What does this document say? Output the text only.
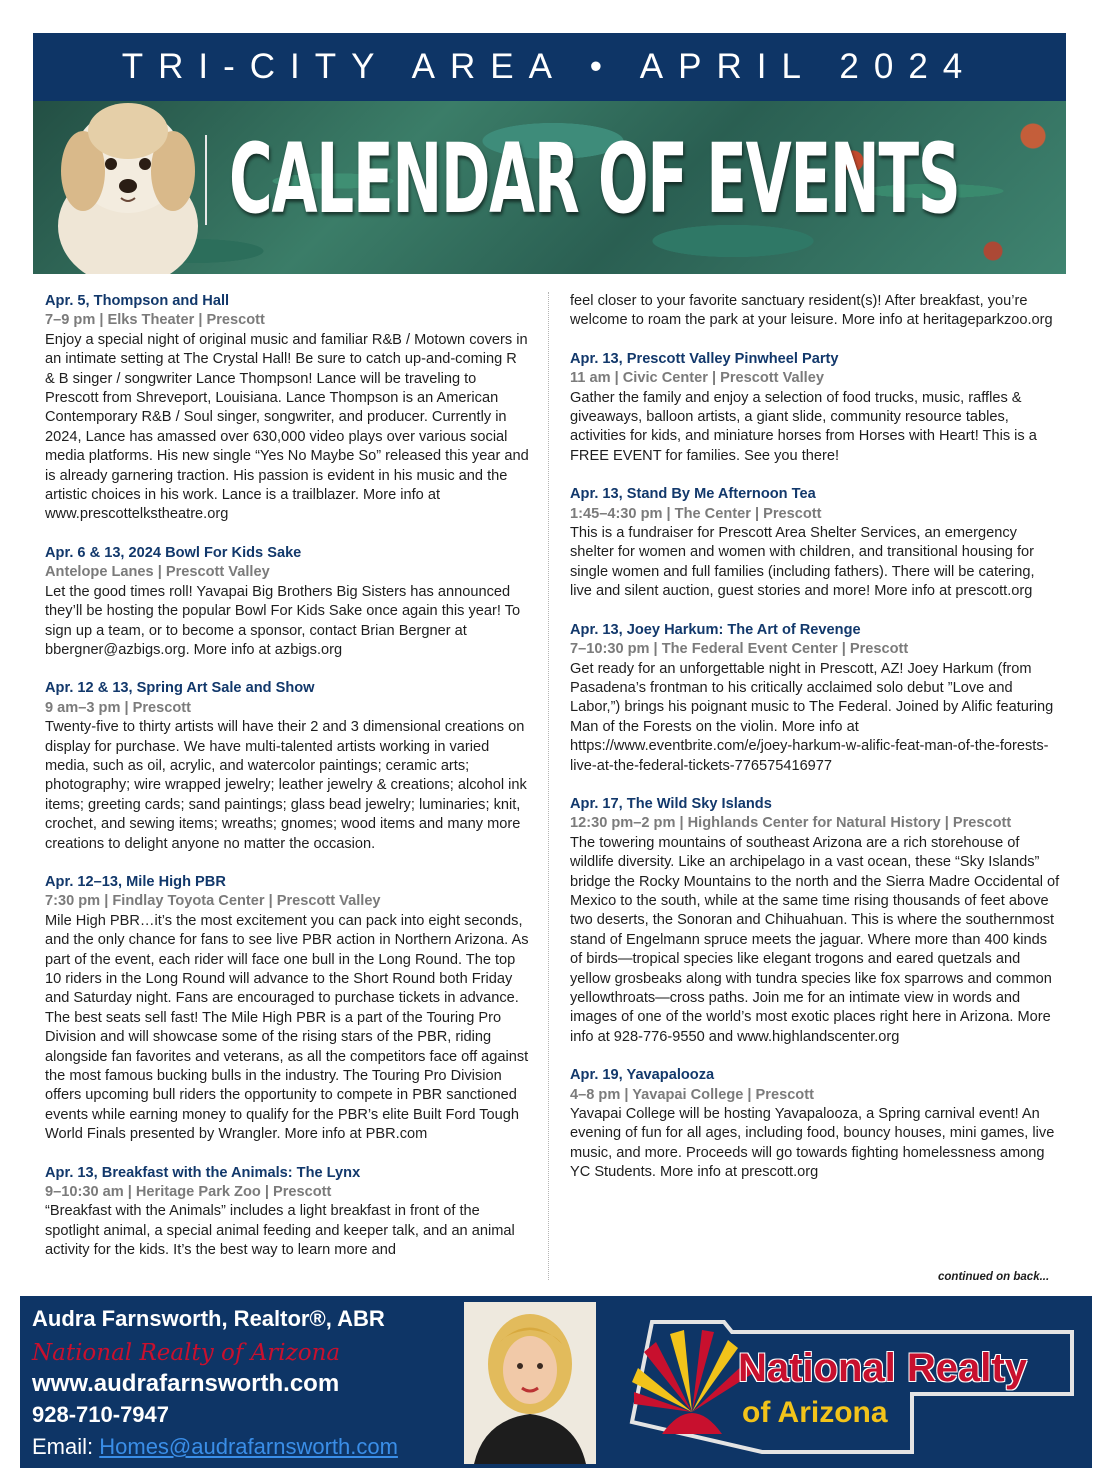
TRI-CITY AREA • APRIL 2024
CALENDAR OF EVENTS
Apr. 5, Thompson and Hall
7–9 pm | Elks Theater | Prescott
Enjoy a special night of original music and familiar R&B / Motown covers in an intimate setting at The Crystal Hall! Be sure to catch up-and-coming R & B singer / songwriter Lance Thompson! Lance will be traveling to Prescott from Shreveport, Louisiana. Lance Thompson is an American Contemporary R&B / Soul singer, songwriter, and producer. Currently in 2024, Lance has amassed over 630,000 video plays over various social media platforms. His new single “Yes No Maybe So” released this year and is already garnering traction. His passion is evident in his music and the artistic choices in his work. Lance is a trailblazer. More info at www.prescottelkstheatre.org
Apr. 6 & 13, 2024 Bowl For Kids Sake
Antelope Lanes | Prescott Valley
Let the good times roll! Yavapai Big Brothers Big Sisters has announced they’ll be hosting the popular Bowl For Kids Sake once again this year! To sign up a team, or to become a sponsor, contact Brian Bergner at bbergner@azbigs.org. More info at azbigs.org
Apr. 12 & 13, Spring Art Sale and Show
9 am–3 pm | Prescott
Twenty-five to thirty artists will have their 2 and 3 dimensional creations on display for purchase. We have multi-talented artists working in varied media, such as oil, acrylic, and watercolor paintings; ceramic arts; photography; wire wrapped jewelry; leather jewelry & creations; alcohol ink items; greeting cards; sand paintings; glass bead jewelry; luminaries; knit, crochet, and sewing items; wreaths; gnomes; wood items and many more creations to delight anyone no matter the occasion.
Apr. 12–13, Mile High PBR
7:30 pm | Findlay Toyota Center | Prescott Valley
Mile High PBR…it’s the most excitement you can pack into eight seconds, and the only chance for fans to see live PBR action in Northern Arizona. As part of the event, each rider will face one bull in the Long Round. The top 10 riders in the Long Round will advance to the Short Round both Friday and Saturday night. Fans are encouraged to purchase tickets in advance. The best seats sell fast! The Mile High PBR is a part of the Touring Pro Division and will showcase some of the rising stars of the PBR, riding alongside fan favorites and veterans, as all the competitors face off against the most famous bucking bulls in the industry. The Touring Pro Division offers upcoming bull riders the opportunity to compete in PBR sanctioned events while earning money to qualify for the PBR’s elite Built Ford Tough World Finals presented by Wrangler. More info at PBR.com
Apr. 13, Breakfast with the Animals: The Lynx
9–10:30 am | Heritage Park Zoo | Prescott
“Breakfast with the Animals” includes a light breakfast in front of the spotlight animal, a special animal feeding and keeper talk, and an animal activity for the kids. It’s the best way to learn more and
feel closer to your favorite sanctuary resident(s)! After breakfast, you’re welcome to roam the park at your leisure. More info at heritageparkzoo.org
Apr. 13, Prescott Valley Pinwheel Party
11 am | Civic Center | Prescott Valley
Gather the family and enjoy a selection of food trucks, music, raffles & giveaways, balloon artists, a giant slide, community resource tables, activities for kids, and miniature horses from Horses with Heart! This is a FREE EVENT for families. See you there!
Apr. 13, Stand By Me Afternoon Tea
1:45–4:30 pm | The Center | Prescott
This is a fundraiser for Prescott Area Shelter Services, an emergency shelter for women and women with children, and transitional housing for single women and full families (including fathers). There will be catering, live and silent auction, guest stories and more! More info at prescott.org
Apr. 13, Joey Harkum: The Art of Revenge
7–10:30 pm | The Federal Event Center | Prescott
Get ready for an unforgettable night in Prescott, AZ! Joey Harkum (from Pasadena’s frontman to his critically acclaimed solo debut ”Love and Labor,”) brings his poignant music to The Federal. Joined by Alific featuring Man of the Forests on the violin. More info at https://www.eventbrite.com/e/joey-harkum-w-alific-feat-man-of-the-forests-live-at-the-federal-tickets-776575416977
Apr. 17, The Wild Sky Islands
12:30 pm–2 pm | Highlands Center for Natural History | Prescott
The towering mountains of southeast Arizona are a rich storehouse of wildlife diversity. Like an archipelago in a vast ocean, these “Sky Islands” bridge the Rocky Mountains to the north and the Sierra Madre Occidental of Mexico to the south, while at the same time rising thousands of feet above two deserts, the Sonoran and Chihuahuan. This is where the southernmost stand of Engelmann spruce meets the jaguar. Where more than 400 kinds of birds—tropical species like elegant trogons and eared quetzals and yellow grosbeaks along with tundra species like fox sparrows and common yellowthroats—cross paths. Join me for an intimate view in words and images of one of the world’s most exotic places right here in Arizona. More info at 928-776-9550 and www.highlandscenter.org
Apr. 19, Yavapalooza
4–8 pm | Yavapai College | Prescott
Yavapai College will be hosting Yavapalooza, a Spring carnival event! An evening of fun for all ages, including food, bouncy houses, mini games, live music, and more. Proceeds will go towards fighting homelessness among YC Students. More info at prescott.org
continued on back...
Audra Farnsworth, Realtor®, ABR
National Realty of Arizona
www.audrafarnsworth.com
928-710-7947
Email: Homes@audrafarnsworth.com
National Realty
of Arizona
